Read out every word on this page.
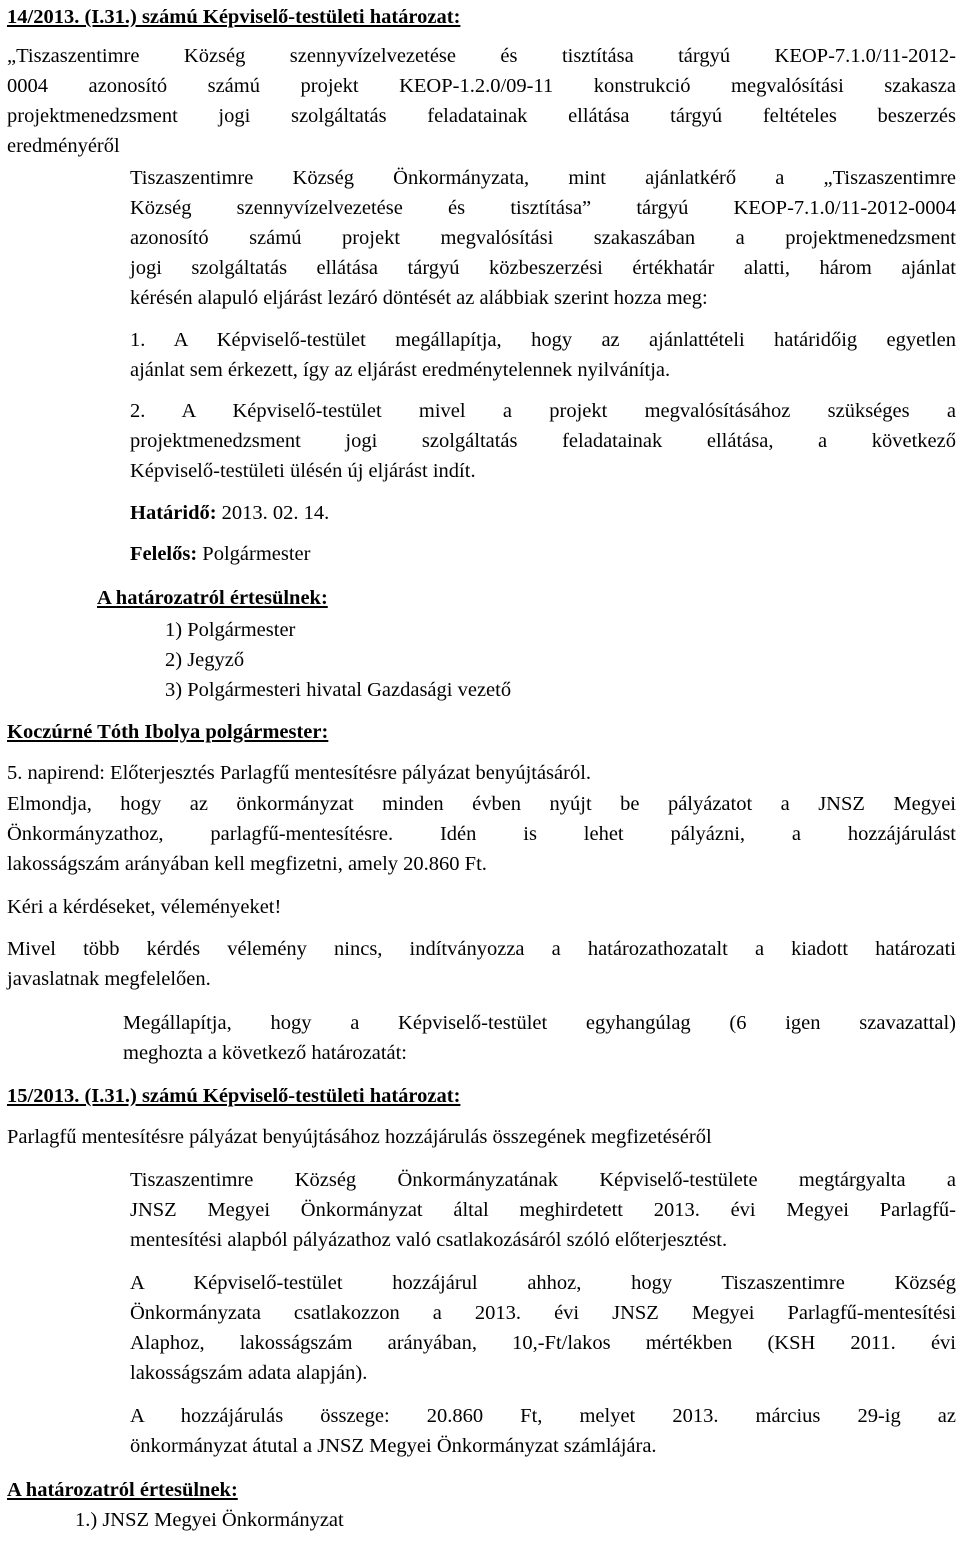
14/2013. (I.31.) számú Képviselő-testületi határozat:

„Tiszaszentimre Község szennyvízelvezetése és tisztítása tárgyú KEOP-7.1.0/11-2012-

0004 azonosító számú projekt KEOP-1.2.0/09-11 konstrukció megvalósítási szakasza

projektmenedzsment jogi szolgáltatás feladatainak ellátása tárgyú feltételes beszerzés

eredményéről

Tiszaszentimre Község Önkormányzata, mint ajánlatkérő a „Tiszaszentimre

Község szennyvízelvezetése és tisztítása” tárgyú KEOP-7.1.0/11-2012-0004

azonosító számú projekt megvalósítási szakaszában a projektmenedzsment

jogi szolgáltatás ellátása tárgyú közbeszerzési értékhatár alatti, három ajánlat

kérésén alapuló eljárást lezáró döntését az alábbiak szerint hozza meg:

1. A Képviselő-testület megállapítja, hogy az ajánlattételi határidőig egyetlen

ajánlat sem érkezett, így az eljárást eredménytelennek nyilvánítja.

2. A Képviselő-testület mivel a projekt megvalósításához szükséges a

projektmenedzsment jogi szolgáltatás feladatainak ellátása, a következő

Képviselő-testületi ülésén új eljárást indít.

Határidő: 2013. 02. 14.

Felelős: Polgármester

A határozatról értesülnek:

1) Polgármester

2) Jegyző

3) Polgármesteri hivatal Gazdasági vezető

Koczúrné Tóth Ibolya polgármester:

5. napirend: Előterjesztés Parlagfű mentesítésre pályázat benyújtásáról.

Elmondja, hogy az önkormányzat minden évben nyújt be pályázatot a JNSZ Megyei

Önkormányzathoz, parlagfű-mentesítésre. Idén is lehet pályázni, a hozzájárulást

lakosságszám arányában kell megfizetni, amely 20.860 Ft.

Kéri a kérdéseket, véleményeket!

Mivel több kérdés vélemény nincs, indítványozza a határozathozatalt a kiadott határozati

javaslatnak megfelelően.

Megállapítja, hogy a Képviselő-testület egyhangúlag (6 igen szavazattal)

meghozta a következő határozatát:

15/2013. (I.31.) számú Képviselő-testületi határozat:

Parlagfű mentesítésre pályázat benyújtásához hozzájárulás összegének megfizetéséről

Tiszaszentimre Község Önkormányzatának Képviselő-testülete megtárgyalta a

JNSZ Megyei Önkormányzat által meghirdetett 2013. évi Megyei Parlagfű-

mentesítési alapból pályázathoz való csatlakozásáról szóló előterjesztést.

A Képviselő-testület hozzájárul ahhoz, hogy Tiszaszentimre Község

Önkormányzata csatlakozzon a 2013. évi JNSZ Megyei Parlagfű-mentesítési

Alaphoz, lakosságszám arányában, 10,-Ft/lakos mértékben (KSH 2011. évi

lakosságszám adata alapján).

A hozzájárulás összege: 20.860 Ft, melyet 2013. március 29-ig az

önkormányzat átutal a JNSZ Megyei Önkormányzat számlájára.

A határozatról értesülnek:

1.) JNSZ Megyei Önkormányzat
